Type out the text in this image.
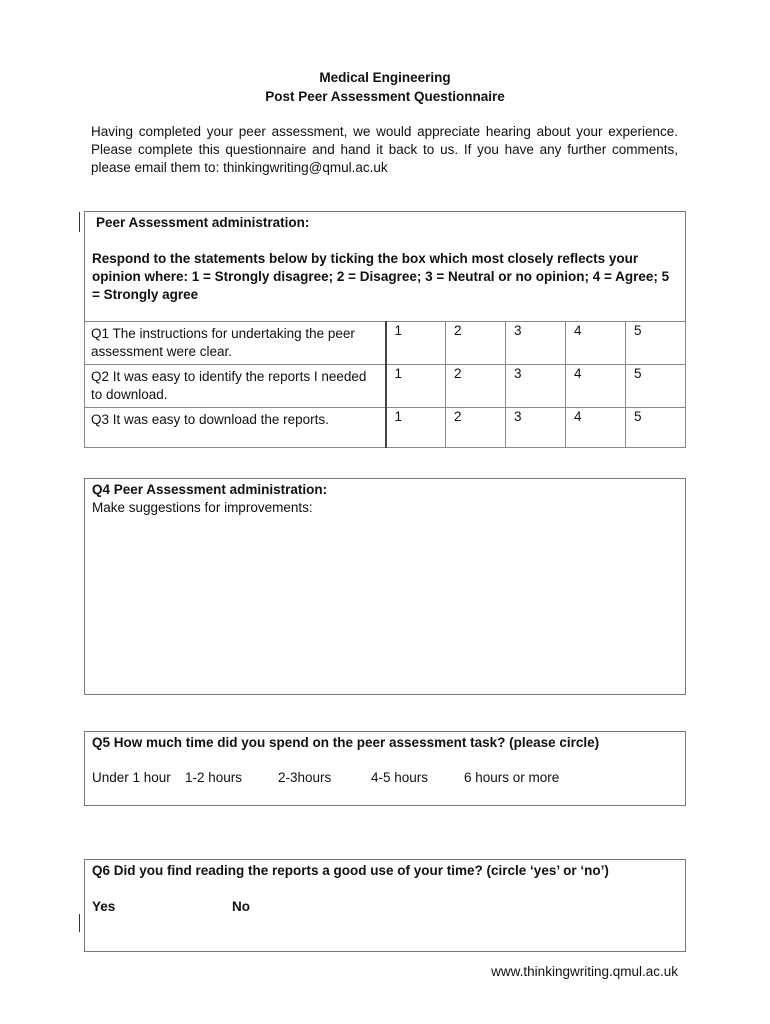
Medical Engineering
Post Peer Assessment Questionnaire
Having completed your peer assessment, we would appreciate hearing about your experience. Please complete this questionnaire and hand it back to us. If you have any further comments, please email them to: thinkingwriting@qmul.ac.uk
Peer Assessment administration:
Respond to the statements below by ticking the box which most closely reflects your opinion where: 1 = Strongly disagree; 2 = Disagree; 3 = Neutral or no opinion; 4 = Agree; 5 = Strongly agree
Q1 The instructions for undertaking the peer assessment were clear.	1	2	3	4	5
Q2 It was easy to identify the reports I needed to download.	1	2	3	4	5
Q3 It was easy to download the reports.	1	2	3	4	5
Q4 Peer Assessment administration:
Make suggestions for improvements:
Q5 How much time did you spend on the peer assessment task? (please circle)
Under 1 hour 1-2 hours	2-3hours	4-5 hours	6 hours or more
Q6 Did you find reading the reports a good use of your time? (circle ‘yes’ or ‘no’)
Yes	No
www.thinkingwriting.qmul.ac.uk
